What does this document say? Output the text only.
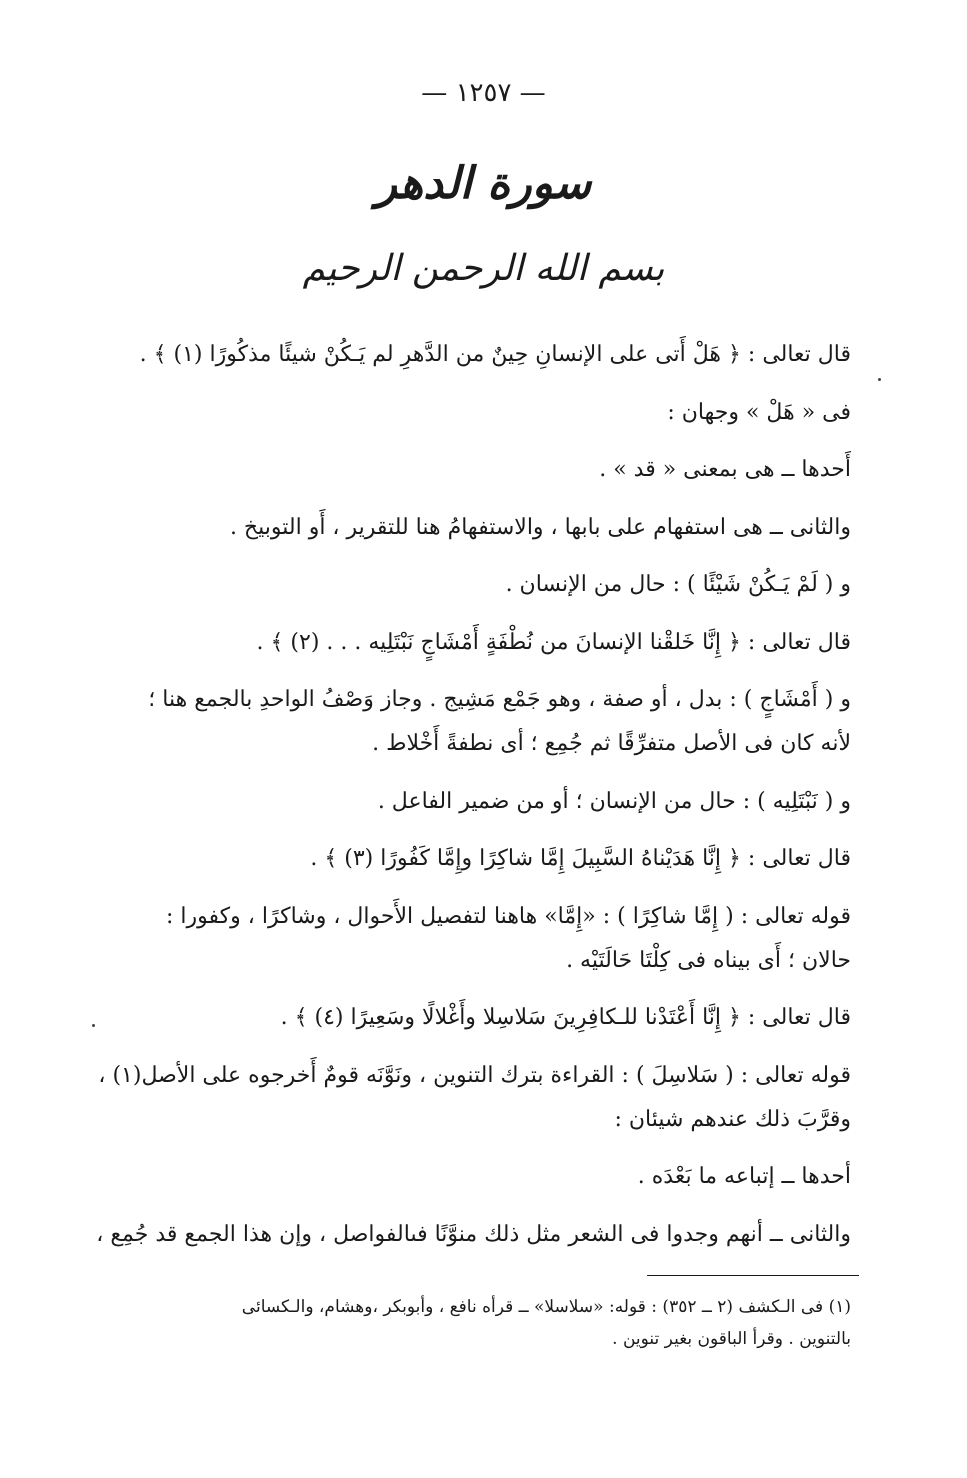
— ١٢٥٧ —
سورة الدهر
بسم الله الرحمن الرحيم
قال تعالى : ﴿ هَلْ أَتى على الإنسانِ حِينٌ من الدَّهرِ لم يَـكُنْ شيئًا مذكُورًا (١) ﴾ .
فى « هَلْ » وجهان :
أَحدها ــ هى بمعنى « قد » .
والثانى ــ هى استفهام على بابها ، والاستفهامُ هنا للتقرير ، أَو التوبيخ .
و ( لَمْ يَـكُنْ شَيْئًا ) : حال من الإنسان .
قال تعالى : ﴿ إِنَّا خَلقْنا الإنسانَ من نُطْفَةٍ أَمْشَاجٍ نَبْتَلِيه . . . (٢) ﴾ .
و ( أَمْشَاجٍ ) : بدل ، أو صفة ، وهو جَمْع مَشِيج . وجاز وَصْفُ الواحدِ بالجمع هنا ؛
لأنه كان فى الأصل متفرِّقًا ثم جُمِع ؛ أى نطفةً أَخْلاط .
و ( نَبْتَلِيه ) : حال من الإنسان ؛ أو من ضمير الفاعل .
قال تعالى : ﴿ إِنَّا هَدَيْناهُ السَّبِيلَ إِمَّا شاكِرًا وإِمَّا كَفُورًا (٣) ﴾ .
قوله تعالى : ( إِمَّا شاكِرًا ) : «إِمَّا» هاهنا لتفصيل الأَحوال ، وشاكرًا ، وكفورا :
حالان ؛ أَى بيناه فى كِلْتَا حَالَتَيْه .
قال تعالى : ﴿ إِنَّا أَعْتَدْنا للـكافِرِينَ سَلاسِلا وأَغْلالًا وسَعِيرًا (٤) ﴾ .
قوله تعالى : ( سَلاسِلَ ) : القراءة بترك التنوين ، ونَوَّنَه قومٌ أَخرجوه على الأصل(١) ،
وقرَّبَ ذلك عندهم شيئان :
أحدها ــ إتباعه ما بَعْدَه .
والثانى ــ أنهم وجدوا فى الشعر مثل ذلك منوَّنًا فىالفواصل ، وإن هذا الجمع قد جُمِع ،
(١) فى الـكشف (٢ ــ ٣٥٢) : قوله: «سلاسلا» ــ قرأه نافع ، وأبوبكر ،وهشام، والـكسائى
بالتنوين . وقرأ الباقون بغير تنوين .
